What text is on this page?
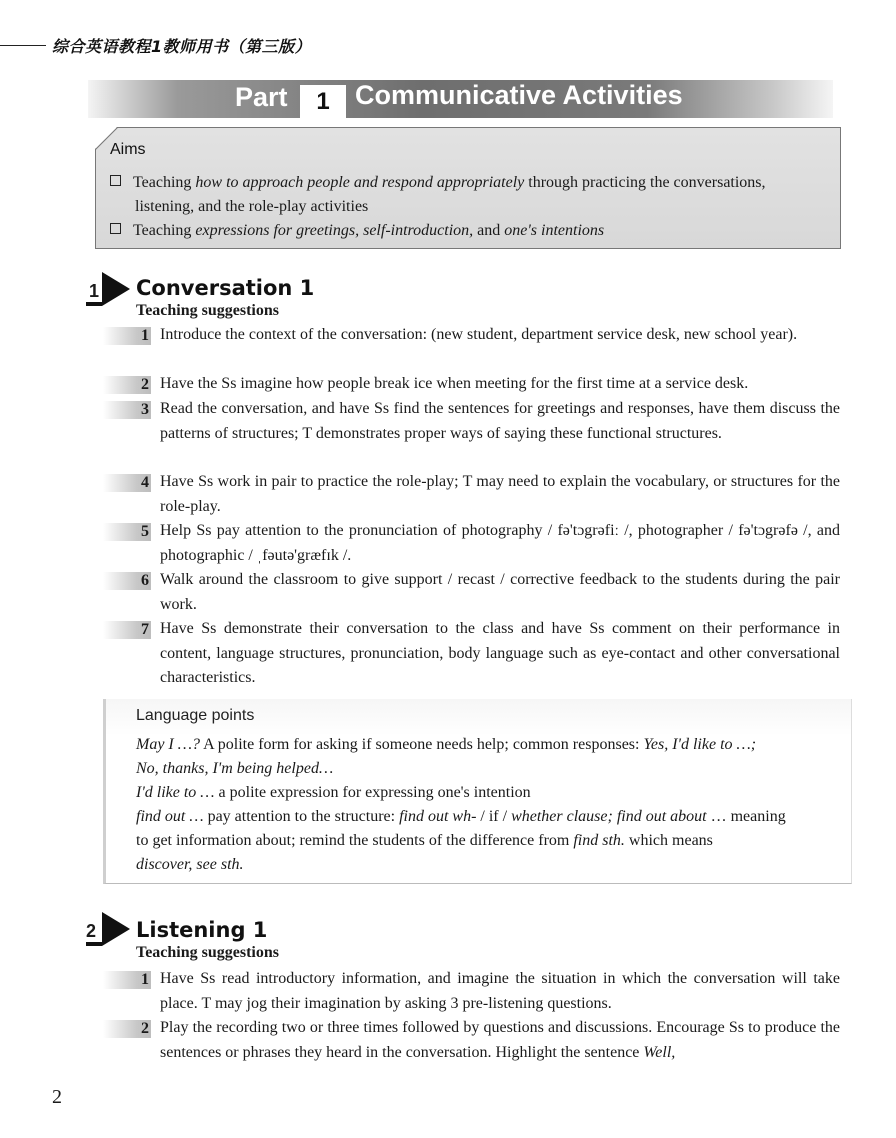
综合英语教程1教师用书（第三版）
Part	1 Communicative Activities
Aims
Teaching how to approach people and respond appropriately through practicing the conversations,
listening, and the role-play activities
Teaching expressions for greetings, self-introduction, and one's intentions
1 Conversation 1
Teaching suggestions
1 Introduce the context of the conversation: (new student, department service desk, new school year).
2 Have the Ss imagine how people break ice when meeting for the first time at a service desk.
3 Read the conversation, and have Ss find the sentences for greetings and responses, have them discuss the patterns of structures; T demonstrates proper ways of saying these functional structures.
4 Have Ss work in pair to practice the role-play; T may need to explain the vocabulary, or structures for the role-play.
5 Help Ss pay attention to the pronunciation of photography / fə'tɔgrəfiː /, photographer / fə'tɔgrəfə /, and photographic / ˌfəutə'græfɪk /.
6 Walk around the classroom to give support / recast / corrective feedback to the students during the pair work.
7 Have Ss demonstrate their conversation to the class and have Ss comment on their performance in content, language structures, pronunciation, body language such as eye-contact and other conversational characteristics.
Language points
May I …? A polite form for asking if someone needs help; common responses: Yes, I'd like to …;
No, thanks, I'm being helped…
I'd like to … a polite expression for expressing one's intention
find out … pay attention to the structure: find out wh- / if / whether clause; find out about … meaning
to get information about; remind the students of the difference from find sth. which means
discover, see sth.
2 Listening 1
Teaching suggestions
1 Have Ss read introductory information, and imagine the situation in which the conversation will take place. T may jog their imagination by asking 3 pre-listening questions.
2 Play the recording two or three times followed by questions and discussions. Encourage Ss to produce the sentences or phrases they heard in the conversation. Highlight the sentence Well,
2
